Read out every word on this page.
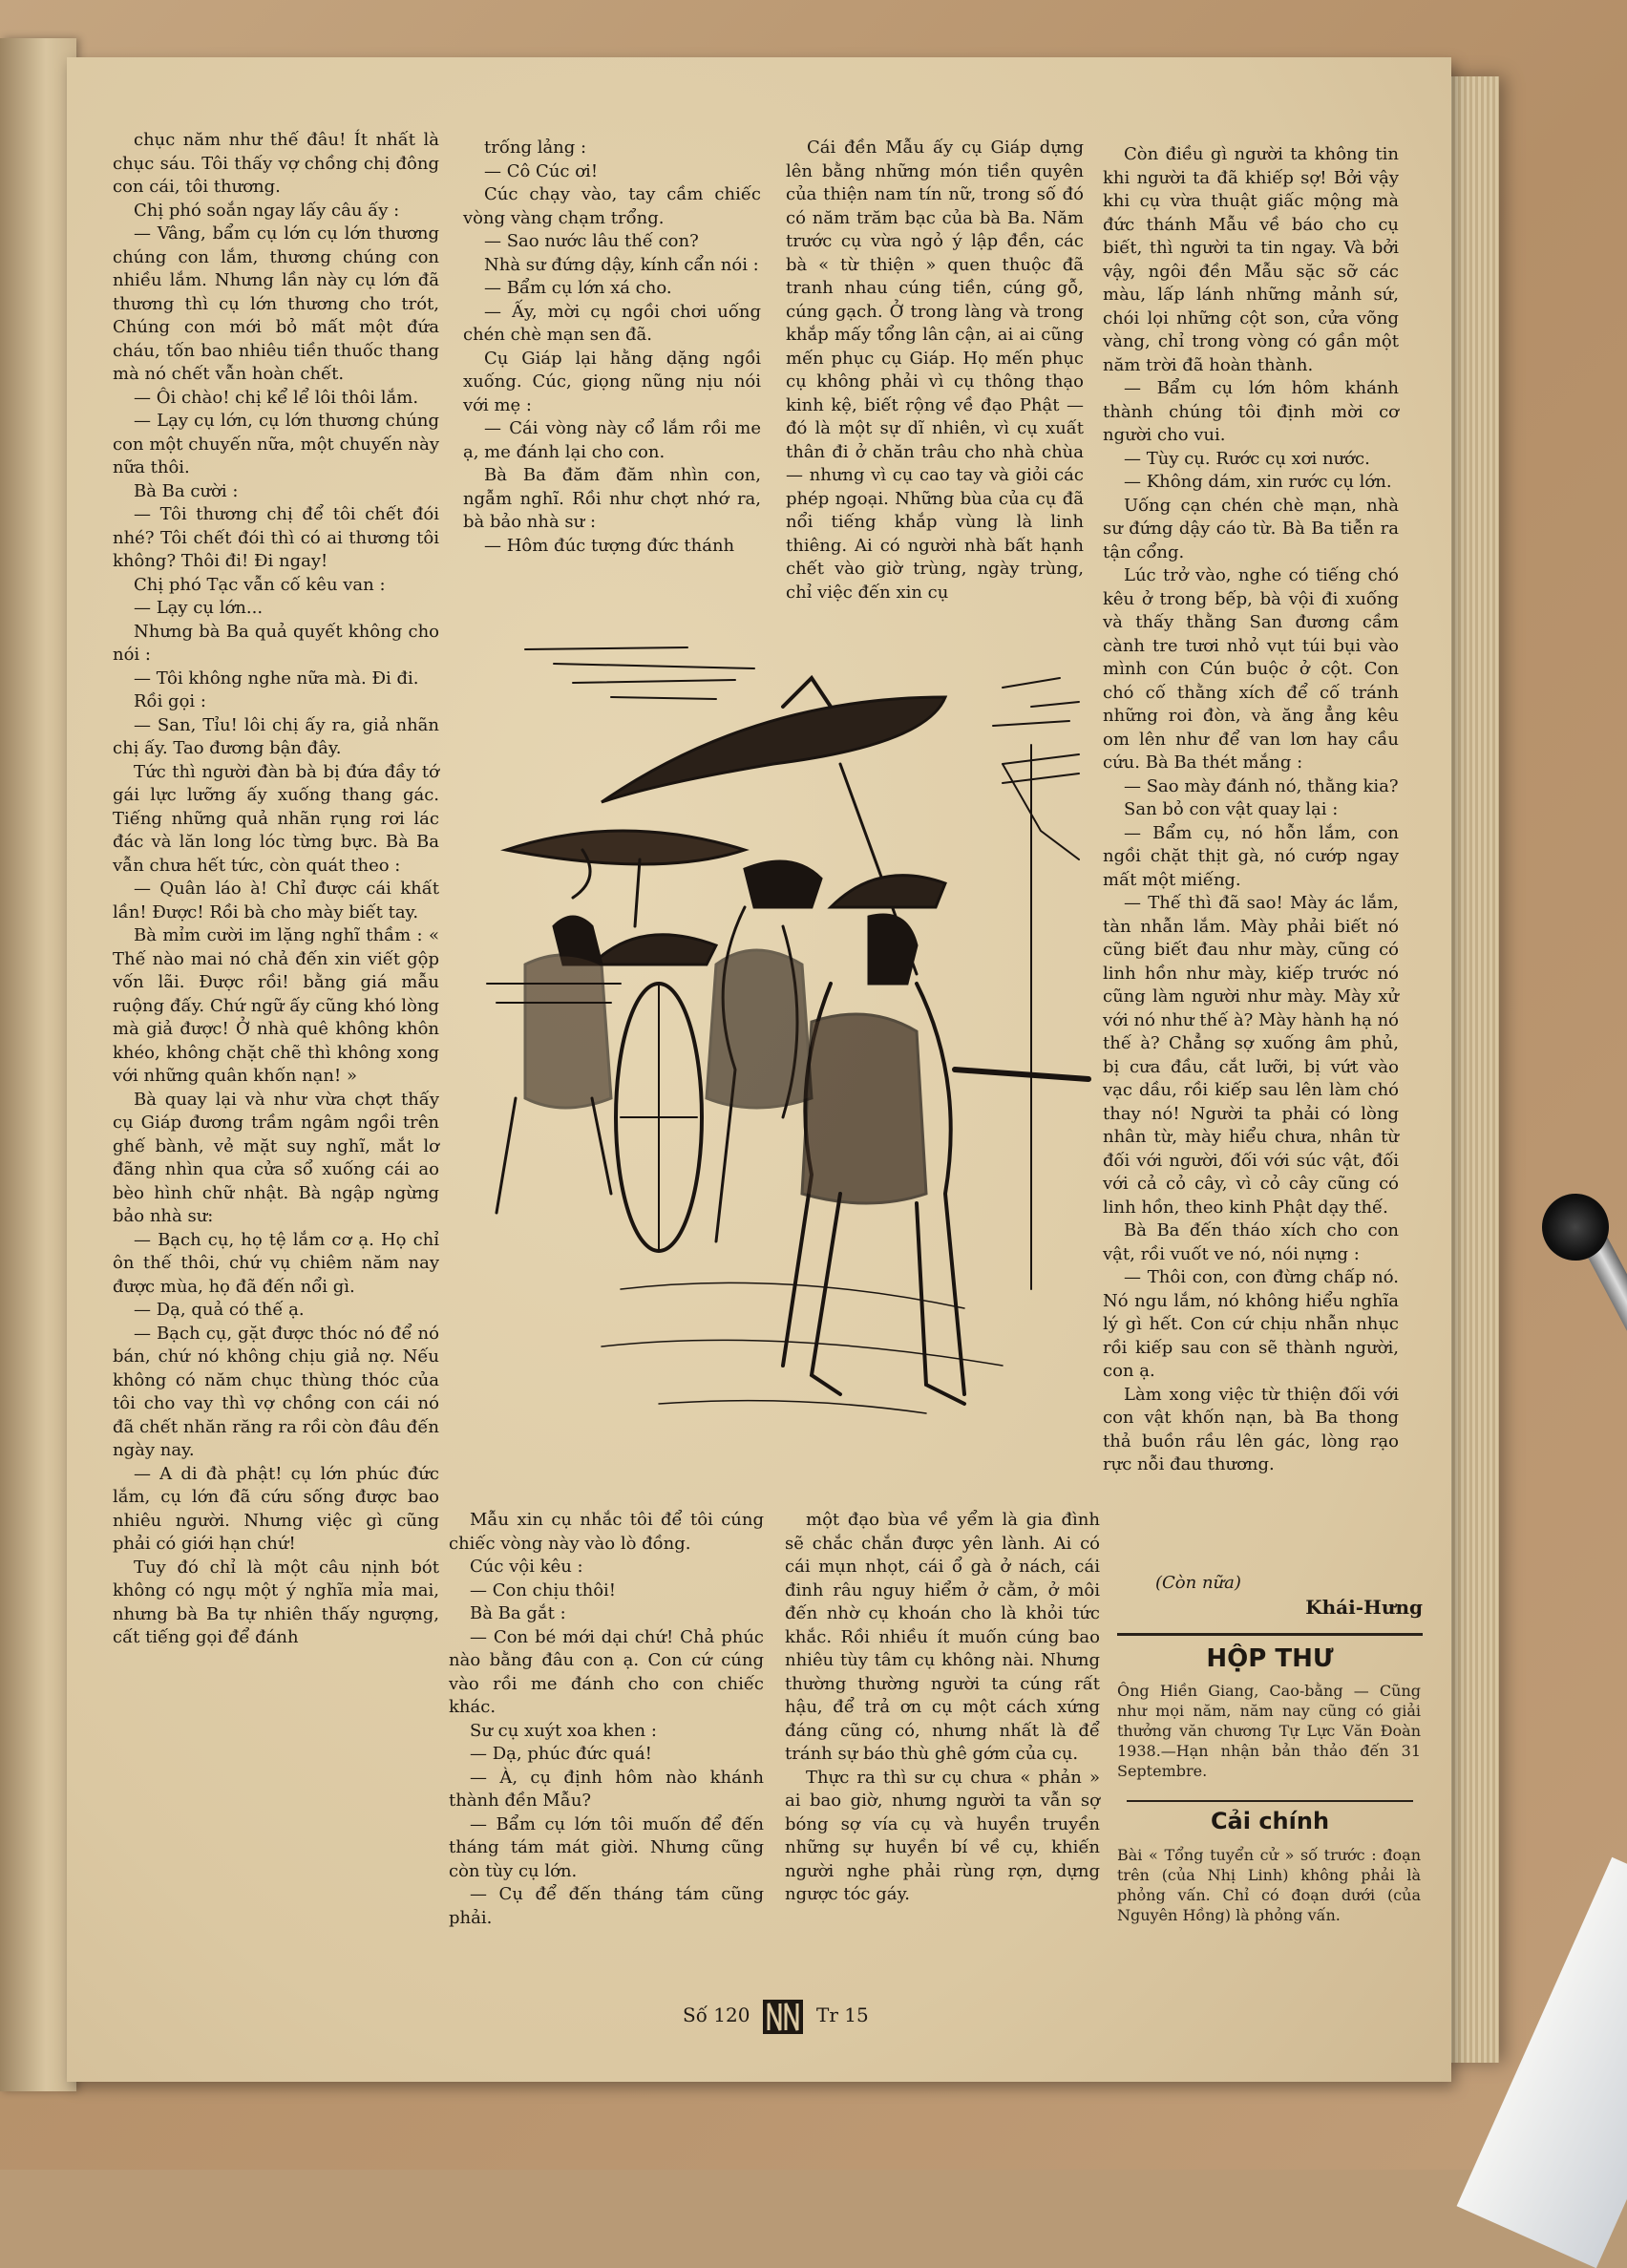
chục năm như thế đâu! Ít nhất là chục sáu. Tôi thấy vợ chồng chị đông con cái, tôi thương.

Chị phó soắn ngay lấy câu ấy :

— Vâng, bẩm cụ lớn cụ lớn thương chúng con lắm, thương chúng con nhiều lắm. Nhưng lần này cụ lớn đã thương thì cụ lớn thương cho trót, Chúng con mới bỏ mất một đứa cháu, tốn bao nhiêu tiền thuốc thang mà nó chết vẫn hoàn chết.

— Ôi chào! chị kể lể lôi thôi lắm.

— Lạy cụ lớn, cụ lớn thương chúng con một chuyến nữa, một chuyến này nữa thôi.

Bà Ba cười :

— Tôi thương chị để tôi chết đói nhé? Tôi chết đói thì có ai thương tôi không? Thôi đi! Đi ngay!

Chị phó Tạc vẫn cố kêu van :

— Lạy cụ lớn...

Nhưng bà Ba quả quyết không cho nói :

— Tôi không nghe nữa mà. Đi đi.

Rồi gọi :

— San, Tỉu! lôi chị ấy ra, giả nhãn chị ấy. Tao đương bận đây.

Tức thì người đàn bà bị đứa đầy tớ gái lực lưỡng ấy xuống thang gác. Tiếng những quả nhãn rụng rơi lác đác và lăn long lóc từng bực. Bà Ba vẫn chưa hết tức, còn quát theo :

— Quân láo à! Chỉ được cái khất lần! Được! Rồi bà cho mày biết tay.

Bà mỉm cười im lặng nghĩ thầm : « Thế nào mai nó chả đến xin viết gộp vốn lãi. Được rồi! bằng giá mẫu ruộng đấy. Chứ ngữ ấy cũng khó lòng mà giả được! Ở nhà quê không khôn khéo, không chặt chẽ thì không xong với những quân khốn nạn! »

Bà quay lại và như vừa chợt thấy cụ Giáp đương trầm ngâm ngồi trên ghế bành, vẻ mặt suy nghĩ, mắt lơ đãng nhìn qua cửa sổ xuống cái ao bèo hình chữ nhật. Bà ngập ngừng bảo nhà sư:

— Bạch cụ, họ tệ lắm cơ ạ. Họ chỉ ôn thế thôi, chứ vụ chiêm năm nay được mùa, họ đã đến nổi gì.

— Dạ, quả có thế ạ.

— Bạch cụ, gặt được thóc nó để nó bán, chứ nó không chịu giả nợ. Nếu không có năm chục thùng thóc của tôi cho vay thì vợ chồng con cái nó đã chết nhăn răng ra rồi còn đâu đến ngày nay.

— A di đà phật! cụ lớn phúc đức lắm, cụ lớn đã cứu sống được bao nhiêu người. Nhưng việc gì cũng phải có giới hạn chứ!

Tuy đó chỉ là một câu nịnh bót không có ngụ một ý nghĩa mỉa mai, nhưng bà Ba tự nhiên thấy ngượng, cất tiếng gọi để đánh

trống lảng :

— Cô Cúc ơi!

Cúc chạy vào, tay cầm chiếc vòng vàng chạm trổng.

— Sao nước lâu thế con?

Nhà sư đứng dậy, kính cẩn nói :

— Bẩm cụ lớn xá cho.

— Ấy, mời cụ ngồi chơi uống chén chè mạn sen đã.

Cụ Giáp lại hằng dặng ngồi xuống. Cúc, giọng nũng nịu nói với mẹ :

— Cái vòng này cổ lắm rồi me ạ, me đánh lại cho con.

Bà Ba đăm đăm nhìn con, ngẫm nghĩ. Rồi như chợt nhớ ra, bà bảo nhà sư :

— Hôm đúc tượng đức thánh

Cái đền Mẫu ấy cụ Giáp dựng lên bằng những món tiền quyên của thiện nam tín nữ, trong số đó có năm trăm bạc của bà Ba. Năm trước cụ vừa ngỏ ý lập đền, các bà « từ thiện » quen thuộc đã tranh nhau cúng tiền, cúng gỗ, cúng gạch. Ở trong làng và trong khắp mấy tổng lân cận, ai ai cũng mến phục cụ Giáp. Họ mến phục cụ không phải vì cụ thông thạo kinh kệ, biết rộng về đạo Phật — đó là một sự dĩ nhiên, vì cụ xuất thân đi ở chăn trâu cho nhà chùa — nhưng vì cụ cao tay và giỏi các phép ngoại. Những bùa của cụ đã nổi tiếng khắp vùng là linh thiêng. Ai có người nhà bất hạnh chết vào giờ trùng, ngày trùng, chỉ việc đến xin cụ

Còn điều gì người ta không tin khi người ta đã khiếp sợ! Bởi vậy khi cụ vừa thuật giấc mộng mà đức thánh Mẫu về báo cho cụ biết, thì người ta tin ngay. Và bởi vậy, ngôi đền Mẫu sặc sỡ các màu, lấp lánh những mảnh sứ, chói lọi những cột son, cửa võng vàng, chỉ trong vòng có gần một năm trời đã hoàn thành.

— Bẩm cụ lớn hôm khánh thành chúng tôi định mời cơ người cho vui.

— Tùy cụ. Rước cụ xơi nước.

— Không dám, xin rước cụ lớn.

Uống cạn chén chè mạn, nhà sư đứng dậy cáo từ. Bà Ba tiễn ra tận cổng.

Lúc trở vào, nghe có tiếng chó kêu ở trong bếp, bà vội đi xuống và thấy thằng San đương cầm cành tre tươi nhỏ vụt túi bụi vào mình con Cún buộc ở cột. Con chó cố thằng xích để cố tránh những roi đòn, và ăng ẳng kêu om lên như để van lơn hay cầu cứu. Bà Ba thét mắng :

— Sao mày đánh nó, thằng kia?

San bỏ con vật quay lại :

— Bẩm cụ, nó hỗn lắm, con ngồi chặt thịt gà, nó cướp ngay mất một miếng.

— Thế thì đã sao! Mày ác lắm, tàn nhẫn lắm. Mày phải biết nó cũng biết đau như mày, cũng có linh hồn như mày, kiếp trước nó cũng làm người như mày. Mày xử với nó như thế à? Mày hành hạ nó thế à? Chẳng sợ xuống âm phủ, bị cưa đầu, cắt lưỡi, bị vứt vào vạc dầu, rồi kiếp sau lên làm chó thay nó! Người ta phải có lòng nhân từ, mày hiểu chưa, nhân từ đối với người, đối với súc vật, đối với cả cỏ cây, vì cỏ cây cũng có linh hồn, theo kinh Phật dạy thế.

Bà Ba đến tháo xích cho con vật, rồi vuốt ve nó, nói nựng :

— Thôi con, con đừng chấp nó. Nó ngu lắm, nó không hiểu nghĩa lý gì hết. Con cứ chịu nhẫn nhục rồi kiếp sau con sẽ thành người, con ạ.

Làm xong việc từ thiện đối với con vật khốn nạn, bà Ba thong thả buồn rầu lên gác, lòng rạo rực nỗi đau thương.

Mẫu xin cụ nhắc tôi để tôi cúng chiếc vòng này vào lò đồng.

Cúc vội kêu :

— Con chịu thôi!

Bà Ba gắt :

— Con bé mới dại chứ! Chả phúc nào bằng đâu con ạ. Con cứ cúng vào rồi me đánh cho con chiếc khác.

Sư cụ xuýt xoa khen :

— Dạ, phúc đức quá!

— À, cụ định hôm nào khánh thành đền Mẫu?

— Bẩm cụ lớn tôi muốn để đến tháng tám mát giời. Nhưng cũng còn tùy cụ lớn.

— Cụ để đến tháng tám cũng phải.

một đạo bùa về yểm là gia đình sẽ chắc chắn được yên lành. Ai có cái mụn nhọt, cái ổ gà ở nách, cái đinh râu nguy hiểm ở cằm, ở môi đến nhờ cụ khoán cho là khỏi tức khắc. Rồi nhiều ít muốn cúng bao nhiêu tùy tâm cụ không nài. Nhưng thường thường người ta cúng rất hậu, để trả ơn cụ một cách xứng đáng cũng có, nhưng nhất là để tránh sự báo thù ghê gớm của cụ.

Thực ra thì sư cụ chưa « phản » ai bao giờ, nhưng người ta vẫn sợ bóng sợ vía cụ và huyền truyền những sự huyền bí về cụ, khiến người nghe phải rùng rợn, dựng ngược tóc gáy.

(Còn nữa)
Khái-Hưng
HỘP THƯ
Ông Hiền Giang, Cao-bằng — Cũng như mọi năm, năm nay cũng có giải thưởng văn chương Tự Lực Văn Đoàn 1938.—Hạn nhận bản thảo đến 31 Septembre.
Cải chính
Bài « Tổng tuyển cử » số trước : đoạn trên (của Nhị Linh) không phải là phỏng vấn. Chỉ có đoạn dưới (của Nguyên Hồng) là phỏng vấn.
Số 120	Tr 15
